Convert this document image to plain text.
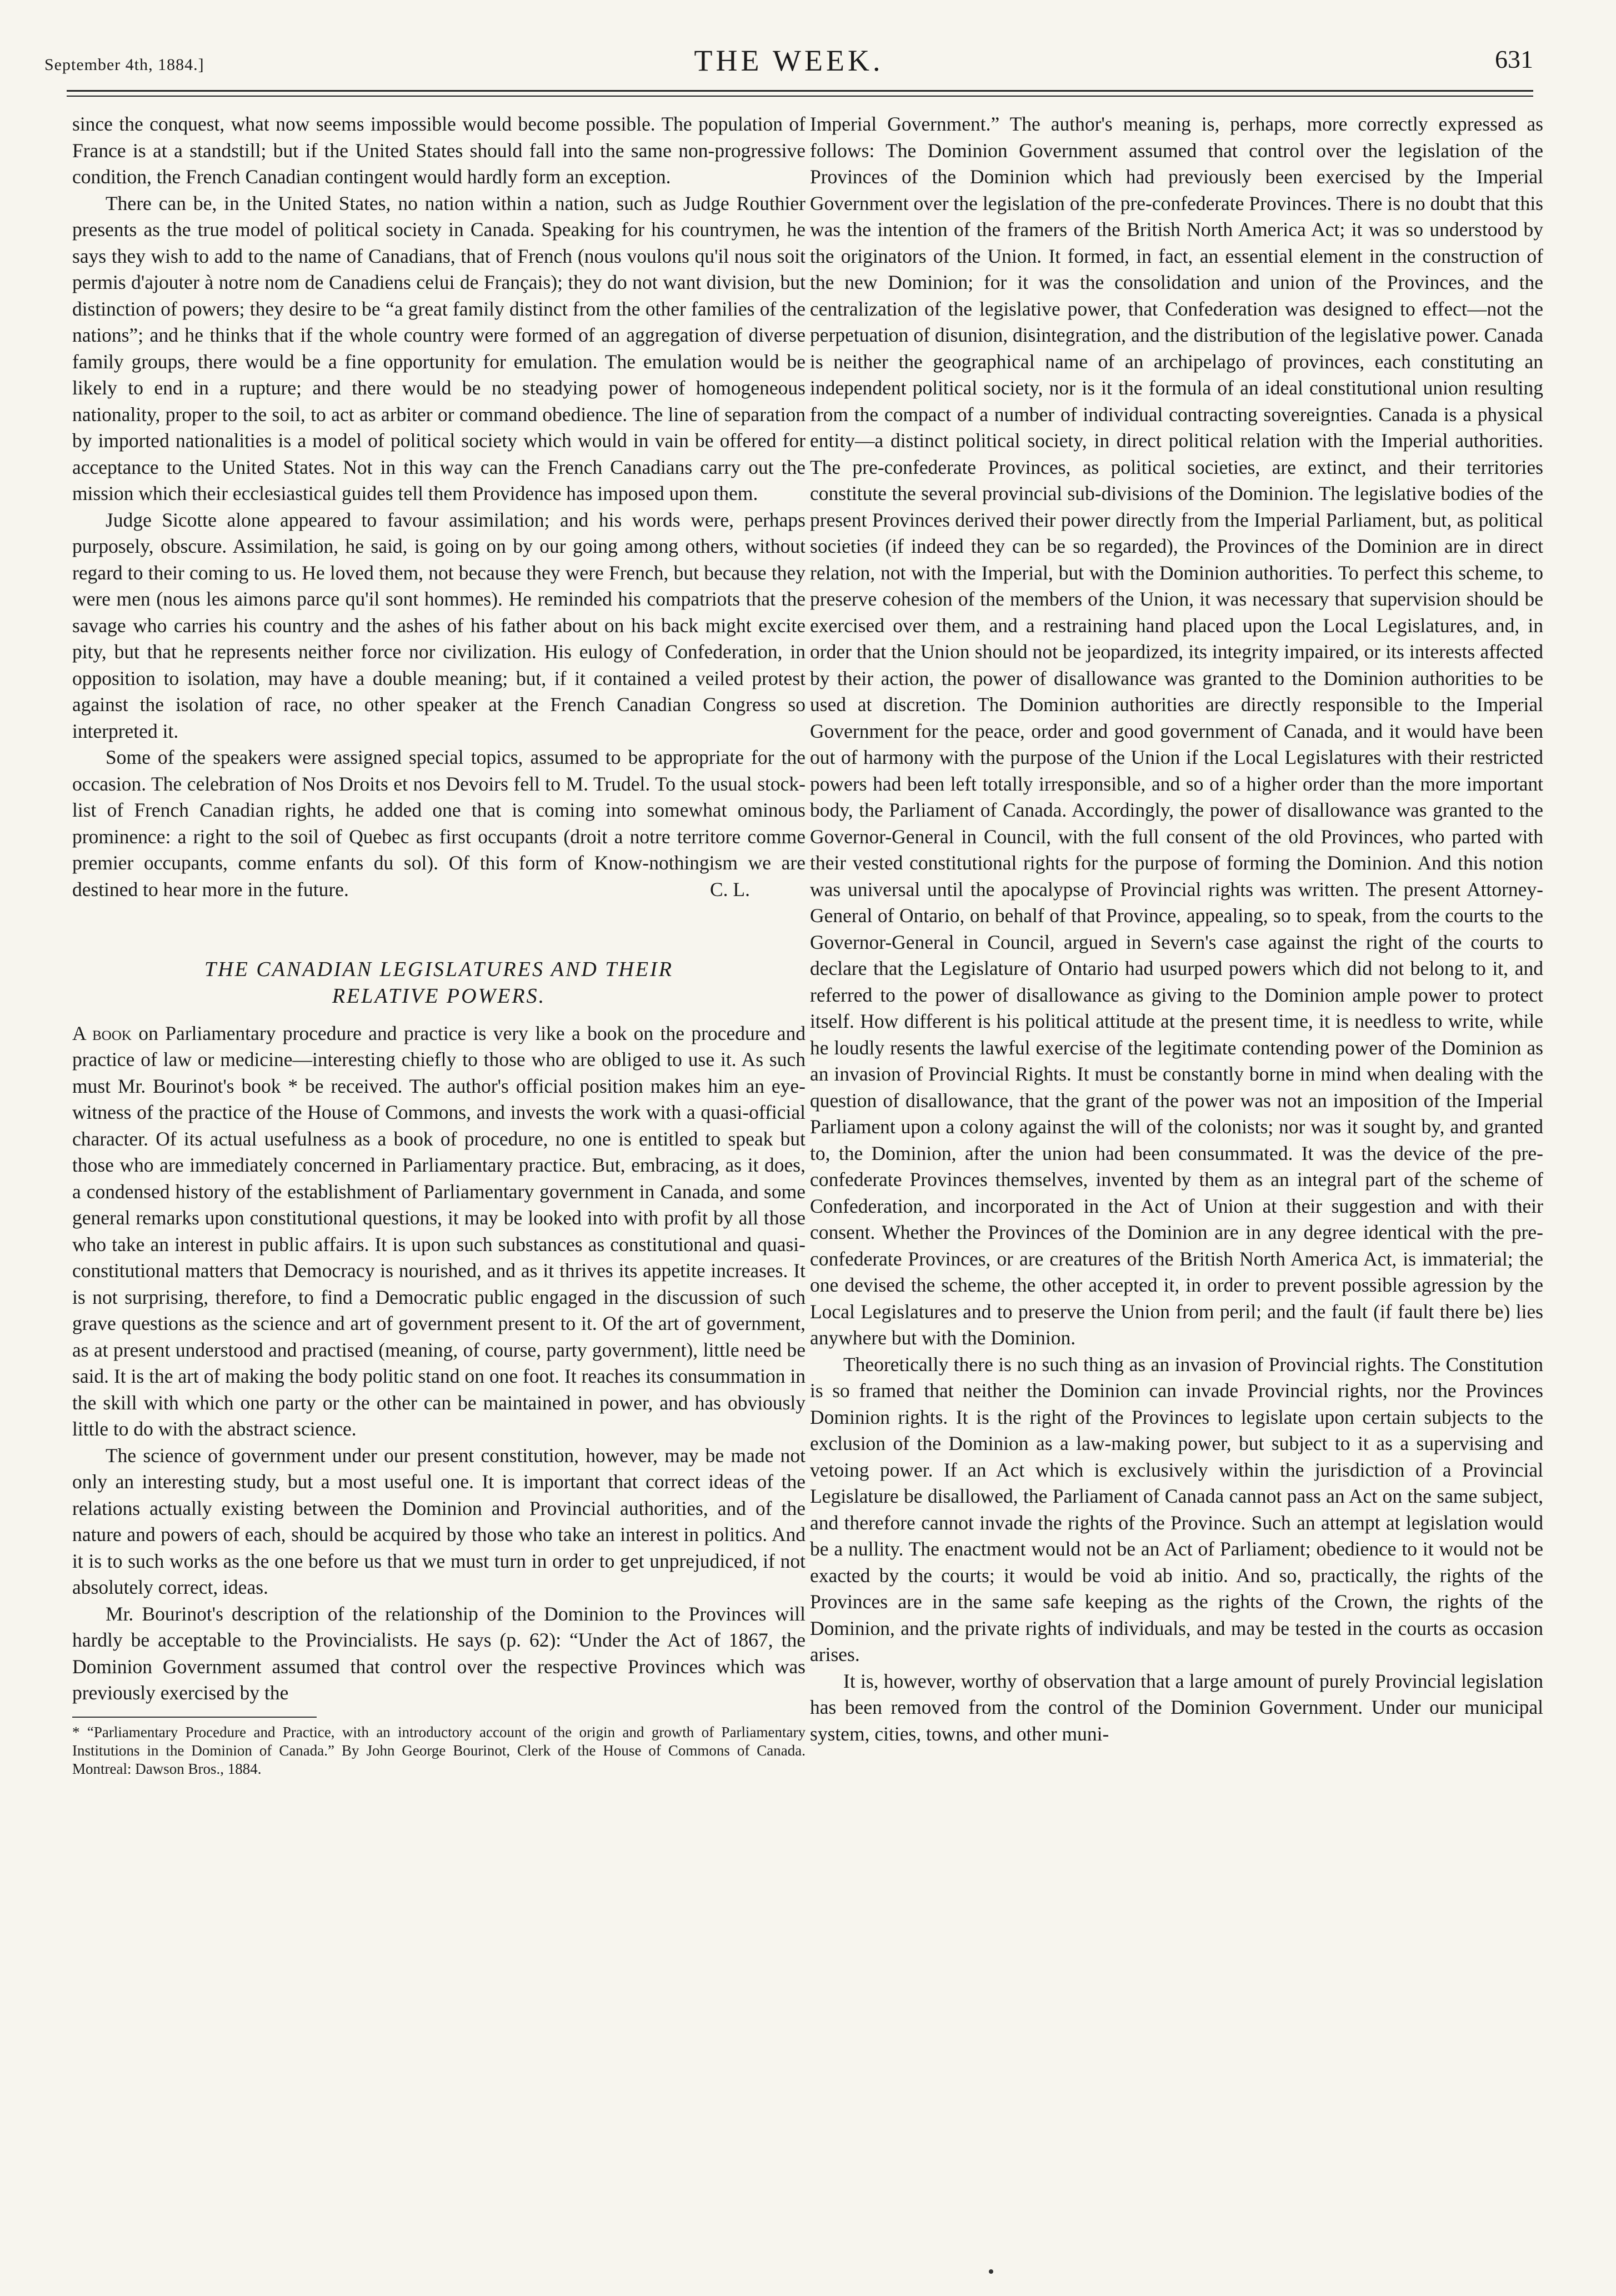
September 4th, 1884.]	THE WEEK.	631

since the conquest, what now seems impossible would become possible. The population of France is at a standstill; but if the United States should fall into the same non-progressive condition, the French Canadian contingent would hardly form an exception.

There can be, in the United States, no nation within a nation, such as Judge Routhier presents as the true model of political society in Canada. Speaking for his countrymen, he says they wish to add to the name of Canadians, that of French (nous voulons qu'il nous soit permis d'ajouter à notre nom de Canadiens celui de Français); they do not want division, but distinction of powers; they desire to be “a great family distinct from the other families of the nations”; and he thinks that if the whole country were formed of an aggregation of diverse family groups, there would be a fine opportunity for emulation. The emulation would be likely to end in a rupture; and there would be no steadying power of homogeneous nationality, proper to the soil, to act as arbiter or command obedience. The line of separation by imported nationalities is a model of political society which would in vain be offered for acceptance to the United States. Not in this way can the French Canadians carry out the mission which their ecclesiastical guides tell them Providence has imposed upon them.

Judge Sicotte alone appeared to favour assimilation; and his words were, perhaps purposely, obscure. Assimilation, he said, is going on by our going among others, without regard to their coming to us. He loved them, not because they were French, but because they were men (nous les aimons parce qu'il sont hommes). He reminded his compatriots that the savage who carries his country and the ashes of his father about on his back might excite pity, but that he represents neither force nor civilization. His eulogy of Confederation, in opposition to isolation, may have a double meaning; but, if it contained a veiled protest against the isolation of race, no other speaker at the French Canadian Congress so interpreted it.

Some of the speakers were assigned special topics, assumed to be appropriate for the occasion. The celebration of Nos Droits et nos Devoirs fell to M. Trudel. To the usual stock-list of French Canadian rights, he added one that is coming into somewhat ominous prominence: a right to the soil of Quebec as first occupants (droit a notre territore comme premier occupants, comme enfants du sol). Of this form of Know-nothingism we are destined to hear more in the future.	C. L.
THE CANADIAN LEGISLATURES AND THEIR
RELATIVE POWERS.

A book on Parliamentary procedure and practice is very like a book on the procedure and practice of law or medicine—interesting chiefly to those who are obliged to use it. As such must Mr. Bourinot's book * be received. The author's official position makes him an eye-witness of the practice of the House of Commons, and invests the work with a quasi-official character. Of its actual usefulness as a book of procedure, no one is entitled to speak but those who are immediately concerned in Parliamentary practice. But, embracing, as it does, a condensed history of the establishment of Parliamentary government in Canada, and some general remarks upon constitutional questions, it may be looked into with profit by all those who take an interest in public affairs. It is upon such substances as constitutional and quasi-constitutional matters that Democracy is nourished, and as it thrives its appetite increases. It is not surprising, therefore, to find a Democratic public engaged in the discussion of such grave questions as the science and art of government present to it. Of the art of government, as at present understood and practised (meaning, of course, party government), little need be said. It is the art of making the body politic stand on one foot. It reaches its consummation in the skill with which one party or the other can be maintained in power, and has obviously little to do with the abstract science.

The science of government under our present constitution, however, may be made not only an interesting study, but a most useful one. It is important that correct ideas of the relations actually existing between the Dominion and Provincial authorities, and of the nature and powers of each, should be acquired by those who take an interest in politics. And it is to such works as the one before us that we must turn in order to get unprejudiced, if not absolutely correct, ideas.

Mr. Bourinot's description of the relationship of the Dominion to the Provinces will hardly be acceptable to the Provincialists. He says (p. 62): “Under the Act of 1867, the Dominion Government assumed that control over the respective Provinces which was previously exercised by the

* “Parliamentary Procedure and Practice, with an introductory account of the origin and growth of Parliamentary Institutions in the Dominion of Canada.” By John George Bourinot, Clerk of the House of Commons of Canada. Montreal: Dawson Bros., 1884.

Imperial Government.” The author's meaning is, perhaps, more correctly expressed as follows: The Dominion Government assumed that control over the legislation of the Provinces of the Dominion which had previously been exercised by the Imperial Government over the legislation of the pre-confederate Provinces. There is no doubt that this was the intention of the framers of the British North America Act; it was so understood by the originators of the Union. It formed, in fact, an essential element in the construction of the new Dominion; for it was the consolidation and union of the Provinces, and the centralization of the legislative power, that Confederation was designed to effect—not the perpetuation of disunion, disintegration, and the distribution of the legislative power. Canada is neither the geographical name of an archipelago of provinces, each constituting an independent political society, nor is it the formula of an ideal constitutional union resulting from the compact of a number of individual contracting sovereignties. Canada is a physical entity—a distinct political society, in direct political relation with the Imperial authorities. The pre-confederate Provinces, as political societies, are extinct, and their territories constitute the several provincial sub-divisions of the Dominion. The legislative bodies of the present Provinces derived their power directly from the Imperial Parliament, but, as political societies (if indeed they can be so regarded), the Provinces of the Dominion are in direct relation, not with the Imperial, but with the Dominion authorities. To perfect this scheme, to preserve cohesion of the members of the Union, it was necessary that supervision should be exercised over them, and a restraining hand placed upon the Local Legislatures, and, in order that the Union should not be jeopardized, its integrity impaired, or its interests affected by their action, the power of disallowance was granted to the Dominion authorities to be used at discretion. The Dominion authorities are directly responsible to the Imperial Government for the peace, order and good government of Canada, and it would have been out of harmony with the purpose of the Union if the Local Legislatures with their restricted powers had been left totally irresponsible, and so of a higher order than the more important body, the Parliament of Canada. Accordingly, the power of disallowance was granted to the Governor-General in Council, with the full consent of the old Provinces, who parted with their vested constitutional rights for the purpose of forming the Dominion. And this notion was universal until the apocalypse of Provincial rights was written. The present Attorney-General of Ontario, on behalf of that Province, appealing, so to speak, from the courts to the Governor-General in Council, argued in Severn's case against the right of the courts to declare that the Legislature of Ontario had usurped powers which did not belong to it, and referred to the power of disallowance as giving to the Dominion ample power to protect itself. How different is his political attitude at the present time, it is needless to write, while he loudly resents the lawful exercise of the legitimate contending power of the Dominion as an invasion of Provincial Rights. It must be constantly borne in mind when dealing with the question of disallowance, that the grant of the power was not an imposition of the Imperial Parliament upon a colony against the will of the colonists; nor was it sought by, and granted to, the Dominion, after the union had been consummated. It was the device of the pre-confederate Provinces themselves, invented by them as an integral part of the scheme of Confederation, and incorporated in the Act of Union at their suggestion and with their consent. Whether the Provinces of the Dominion are in any degree identical with the pre-confederate Provinces, or are creatures of the British North America Act, is immaterial; the one devised the scheme, the other accepted it, in order to prevent possible agression by the Local Legislatures and to preserve the Union from peril; and the fault (if fault there be) lies anywhere but with the Dominion.

Theoretically there is no such thing as an invasion of Provincial rights. The Constitution is so framed that neither the Dominion can invade Provincial rights, nor the Provinces Dominion rights. It is the right of the Provinces to legislate upon certain subjects to the exclusion of the Dominion as a law-making power, but subject to it as a supervising and vetoing power. If an Act which is exclusively within the jurisdiction of a Provincial Legislature be disallowed, the Parliament of Canada cannot pass an Act on the same subject, and therefore cannot invade the rights of the Province. Such an attempt at legislation would be a nullity. The enactment would not be an Act of Parliament; obedience to it would not be exacted by the courts; it would be void ab initio. And so, practically, the rights of the Provinces are in the same safe keeping as the rights of the Crown, the rights of the Dominion, and the private rights of individuals, and may be tested in the courts as occasion arises.

It is, however, worthy of observation that a large amount of purely Provincial legislation has been removed from the control of the Dominion Government. Under our municipal system, cities, towns, and other muni-
